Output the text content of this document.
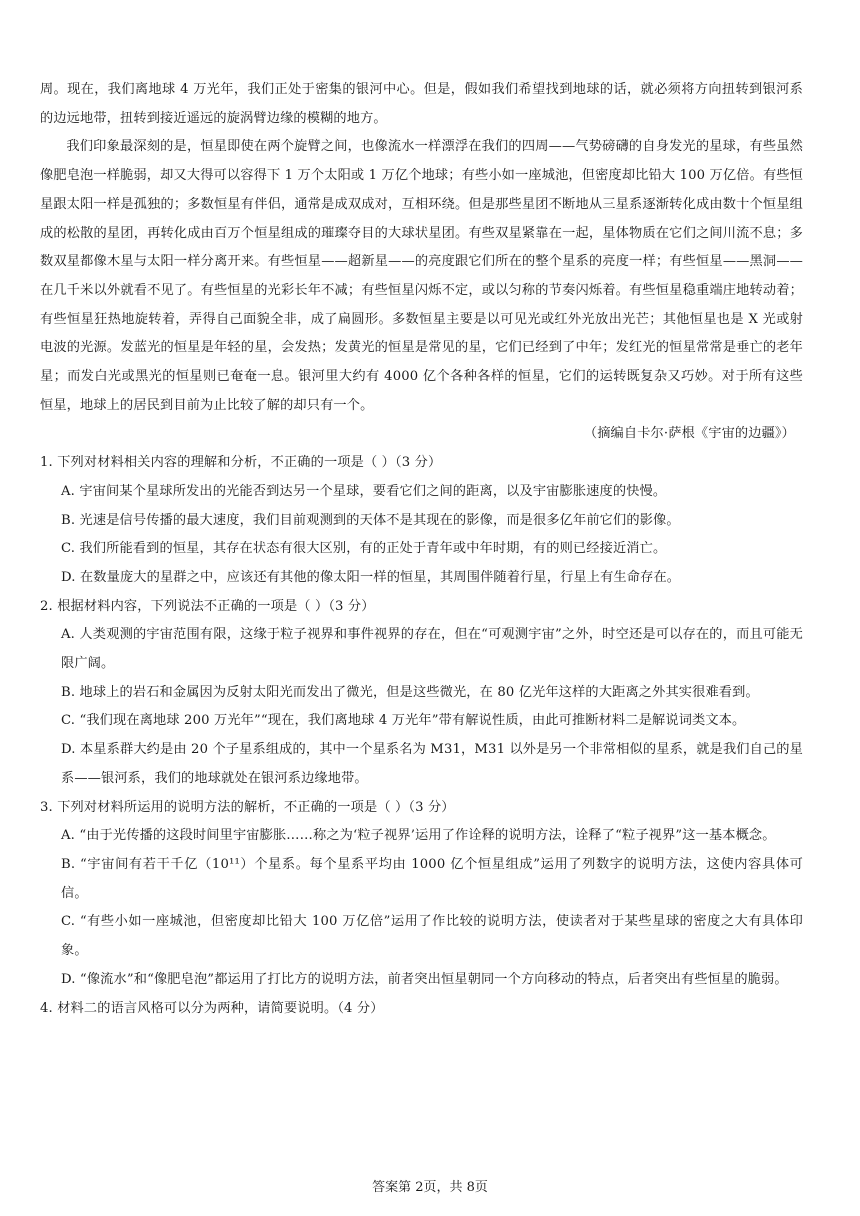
周。现在，我们离地球 4 万光年，我们正处于密集的银河中心。但是，假如我们希望找到地球的话，就必须将方向扭转到银河系的边远地带，扭转到接近遥远的旋涡臂边缘的模糊的地方。

我们印象最深刻的是，恒星即使在两个旋臂之间，也像流水一样漂浮在我们的四周——气势磅礴的自身发光的星球，有些虽然像肥皂泡一样脆弱，却又大得可以容得下 1 万个太阳或 1 万亿个地球；有些小如一座城池，但密度却比铅大 100 万亿倍。有些恒星跟太阳一样是孤独的；多数恒星有伴侣，通常是成双成对，互相环绕。但是那些星团不断地从三星系逐渐转化成由数十个恒星组成的松散的星团，再转化成由百万个恒星组成的璀璨夺目的大球状星团。有些双星紧靠在一起，星体物质在它们之间川流不息；多数双星都像木星与太阳一样分离开来。有些恒星——超新星——的亮度跟它们所在的整个星系的亮度一样；有些恒星——黑洞——在几千米以外就看不见了。有些恒星的光彩长年不减；有些恒星闪烁不定，或以匀称的节奏闪烁着。有些恒星稳重端庄地转动着；有些恒星狂热地旋转着，弄得自己面貌全非，成了扁圆形。多数恒星主要是以可见光或红外光放出光芒；其他恒星也是 X 光或射电波的光源。发蓝光的恒星是年轻的星，会发热；发黄光的恒星是常见的星，它们已经到了中年；发红光的恒星常常是垂亡的老年星；而发白光或黑光的恒星则已奄奄一息。银河里大约有 4000 亿个各种各样的恒星，它们的运转既复杂又巧妙。对于所有这些恒星，地球上的居民到目前为止比较了解的却只有一个。

（摘编自卡尔·萨根《宇宙的边疆》）

1. 下列对材料相关内容的理解和分析，不正确的一项是（ ）（3 分）

A. 宇宙间某个星球所发出的光能否到达另一个星球，要看它们之间的距离，以及宇宙膨胀速度的快慢。

B. 光速是信号传播的最大速度，我们目前观测到的天体不是其现在的影像，而是很多亿年前它们的影像。

C. 我们所能看到的恒星，其存在状态有很大区别，有的正处于青年或中年时期，有的则已经接近消亡。

D. 在数量庞大的星群之中，应该还有其他的像太阳一样的恒星，其周围伴随着行星，行星上有生命存在。

2. 根据材料内容，下列说法不正确的一项是（ ）（3 分）

A. 人类观测的宇宙范围有限，这缘于粒子视界和事件视界的存在，但在“可观测宇宙”之外，时空还是可以存在的，而且可能无限广阔。

B. 地球上的岩石和金属因为反射太阳光而发出了微光，但是这些微光，在 80 亿光年这样的大距离之外其实很难看到。

C. “我们现在离地球 200 万光年”“现在，我们离地球 4 万光年”带有解说性质，由此可推断材料二是解说词类文本。

D. 本星系群大约是由 20 个子星系组成的，其中一个星系名为 M31，M31 以外是另一个非常相似的星系，就是我们自己的星系——银河系，我们的地球就处在银河系边缘地带。

3. 下列对材料所运用的说明方法的解析，不正确的一项是（ ）（3 分）

A. “由于光传播的这段时间里宇宙膨胀……称之为‘粒子视界’运用了作诠释的说明方法，诠释了“粒子视界”这一基本概念。

B. “宇宙间有若干千亿（10¹¹）个星系。每个星系平均由 1000 亿个恒星组成”运用了列数字的说明方法，这使内容具体可信。

C. “有些小如一座城池，但密度却比铅大 100 万亿倍”运用了作比较的说明方法，使读者对于某些星球的密度之大有具体印象。

D. “像流水”和“像肥皂泡”都运用了打比方的说明方法，前者突出恒星朝同一个方向移动的特点，后者突出有些恒星的脆弱。

4. 材料二的语言风格可以分为两种，请简要说明。（4 分）

答案第 2页，共 8页
